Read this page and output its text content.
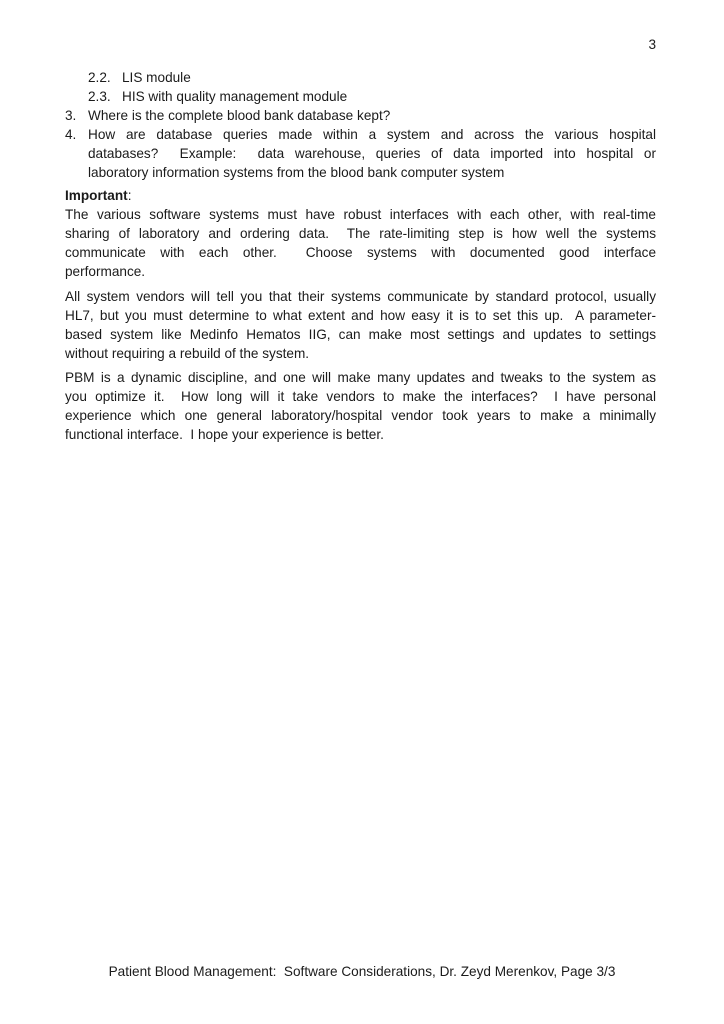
3
2.2. LIS module
2.3. HIS with quality management module
3. Where is the complete blood bank database kept?
4. How are database queries made within a system and across the various hospital
databases?  Example:  data warehouse, queries of data imported into hospital or
laboratory information systems from the blood bank computer system
Important:
The various software systems must have robust interfaces with each other, with real-time
sharing of laboratory and ordering data.  The rate-limiting step is how well the systems
communicate with each other.  Choose systems with documented good interface
performance.
All system vendors will tell you that their systems communicate by standard protocol, usually
HL7, but you must determine to what extent and how easy it is to set this up.  A parameter-
based system like Medinfo Hematos IIG, can make most settings and updates to settings
without requiring a rebuild of the system.
PBM is a dynamic discipline, and one will make many updates and tweaks to the system as
you optimize it.  How long will it take vendors to make the interfaces?  I have personal
experience which one general laboratory/hospital vendor took years to make a minimally
functional interface.  I hope your experience is better.
Patient Blood Management:  Software Considerations, Dr. Zeyd Merenkov, Page 3/3
